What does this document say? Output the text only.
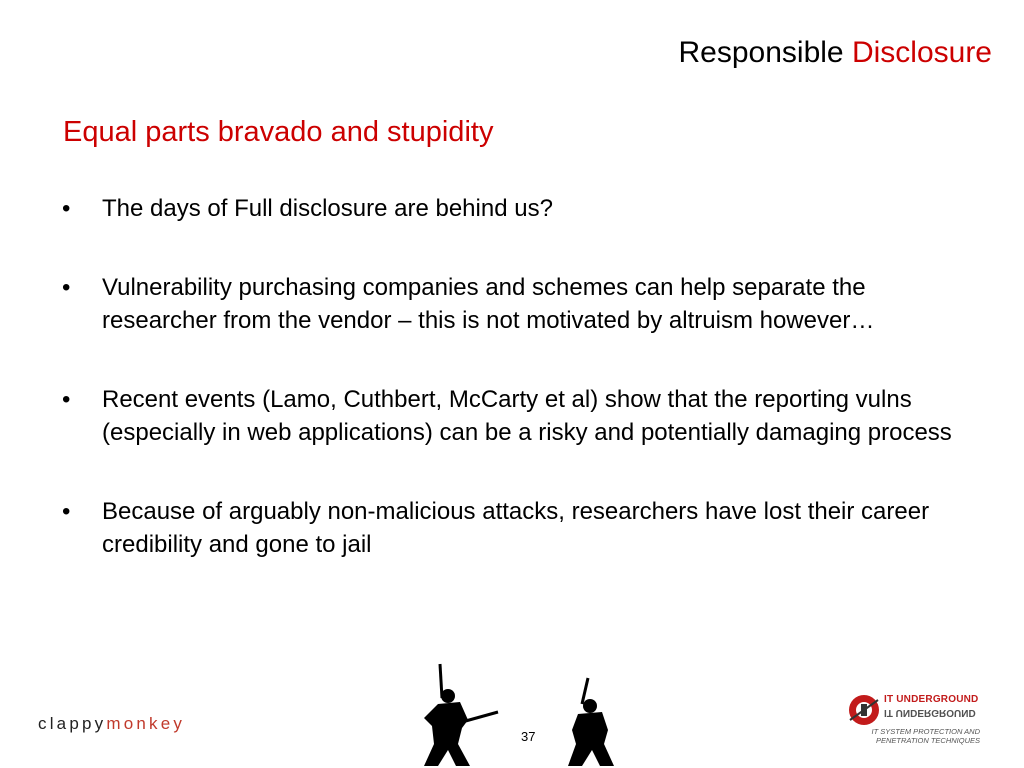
Responsible Disclosure
Equal parts bravado and stupidity
• The days of Full disclosure are behind us?
• Vulnerability purchasing companies and schemes can help separate the researcher from the vendor – this is not motivated by altruism however…
• Recent events (Lamo, Cuthbert, McCarty et al) show that the reporting vulns (especially in web applications) can be a risky and potentially damaging process
• Because of arguably non-malicious attacks, researchers have lost their career credibility and gone to jail
clappymonkey
37
IT UNDERGROUND
IT UNDERGROUND
IT SYSTEM PROTECTION AND PENETRATION TECHNIQUES
